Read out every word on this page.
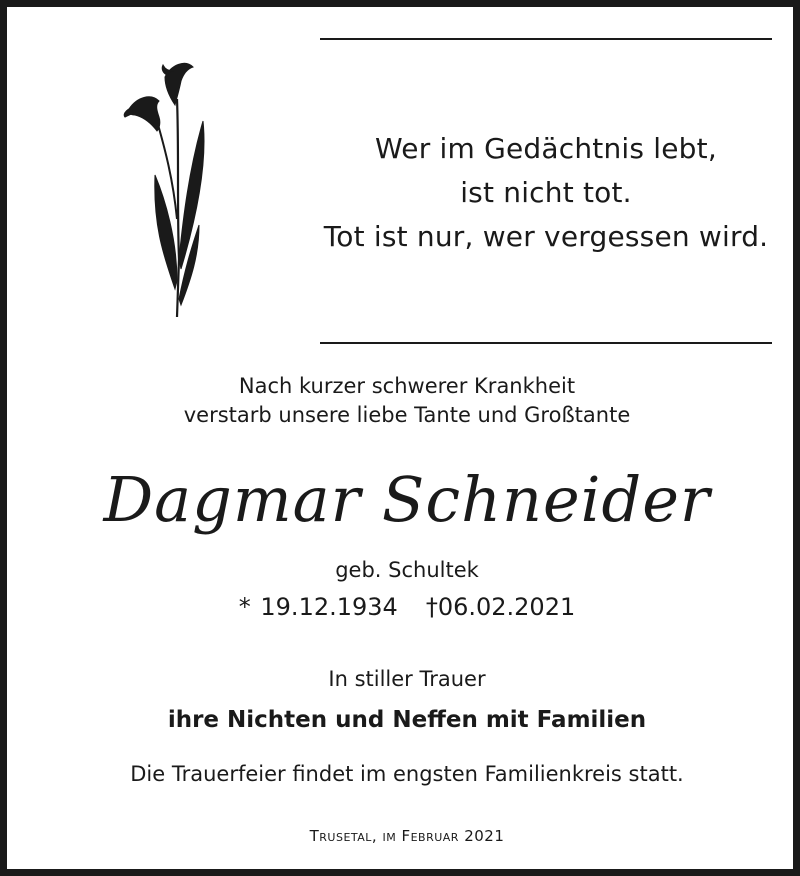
Wer im Gedächtnis lebt,
ist nicht tot.
Tot ist nur, wer vergessen wird.
Nach kurzer schwerer Krankheit
verstarb unsere liebe Tante und Großtante
Dagmar Schneider
geb. Schultek
* 19.12.1934 †06.02.2021
In stiller Trauer
ihre Nichten und Neffen mit Familien
Die Trauerfeier findet im engsten Familienkreis statt.
Trusetal, im Februar 2021
